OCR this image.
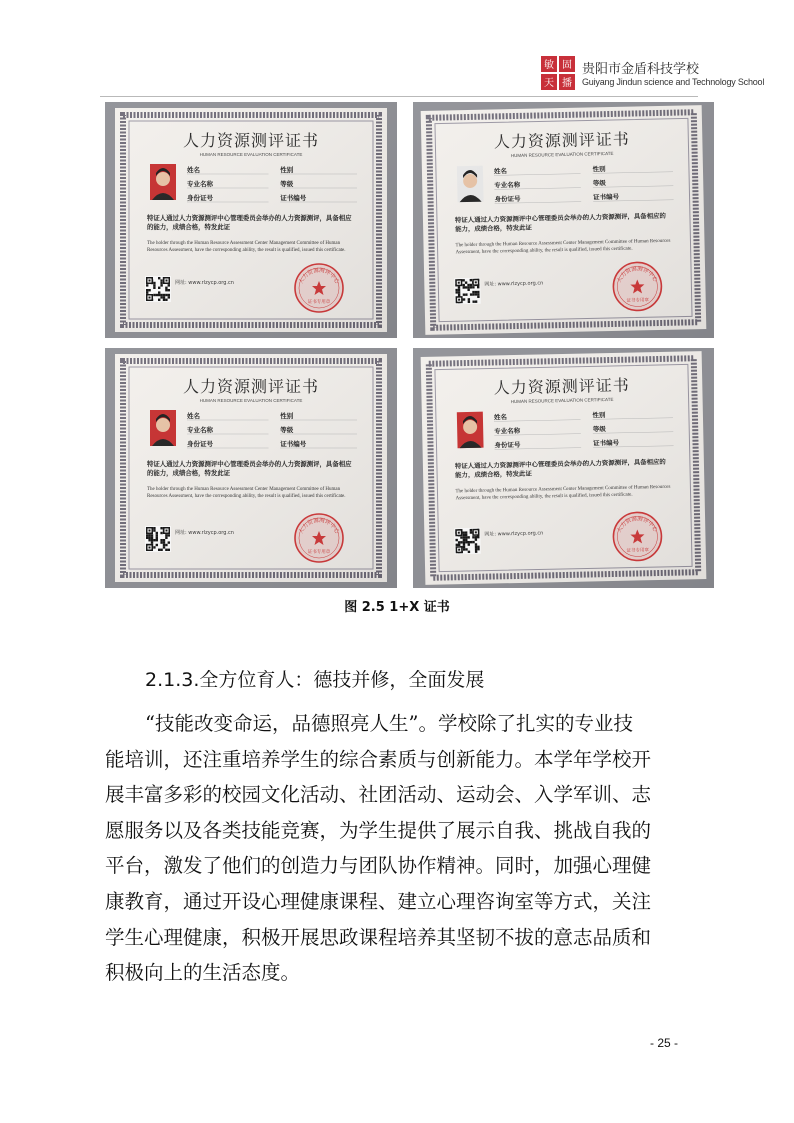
敏 固
天 播
贵阳市金盾科技学校
Guiyang Jindun science and Technology School
图 2.5 1+X 证书
2.1.3.全方位育人：德技并修，全面发展

“技能改变命运，品德照亮人生”。学校除了扎实的专业技
能培训，还注重培养学生的综合素质与创新能力。本学年学校开
展丰富多彩的校园文化活动、社团活动、运动会、入学军训、志
愿服务以及各类技能竞赛，为学生提供了展示自我、挑战自我的
平台，激发了他们的创造力与团队协作精神。同时，加强心理健
康教育，通过开设心理健康课程、建立心理咨询室等方式，关注
学生心理健康，积极开展思政课程培养其坚韧不拔的意志品质和
积极向上的生活态度。

- 25 -
